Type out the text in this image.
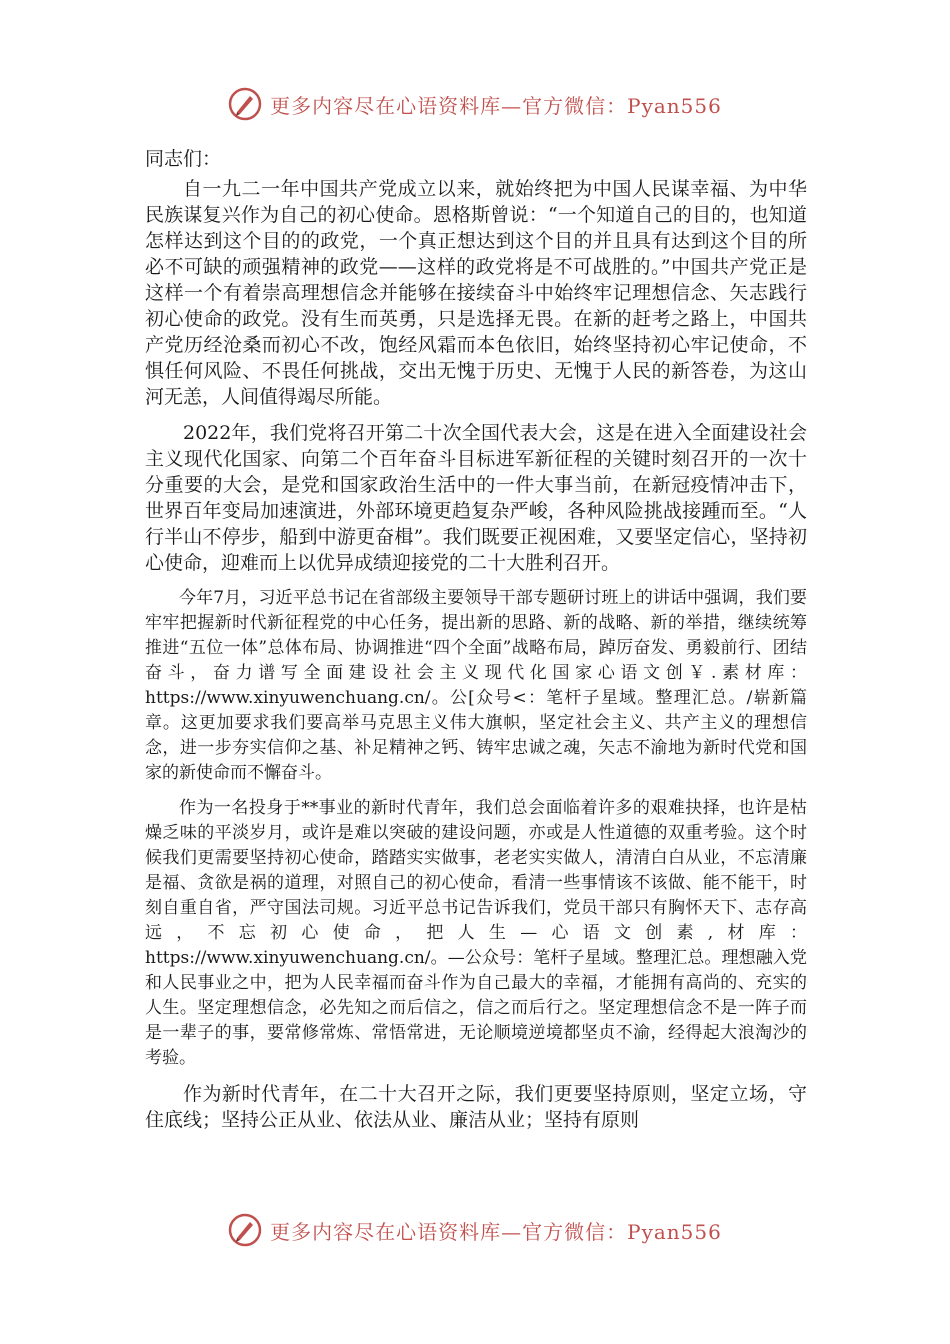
更多内容尽在心语资料库—官方微信：Pyan556
同志们：

自一九二一年中国共产党成立以来，就始终把为中国人民谋幸福、为中华民族谋复兴作为自己的初心使命。恩格斯曾说：“一个知道自己的目的，也知道怎样达到这个目的的政党，一个真正想达到这个目的并且具有达到这个目的所必不可缺的顽强精神的政党——这样的政党将是不可战胜的。”中国共产党正是这样一个有着崇高理想信念并能够在接续奋斗中始终牢记理想信念、矢志践行初心使命的政党。没有生而英勇，只是选择无畏。在新的赶考之路上，中国共产党历经沧桑而初心不改，饱经风霜而本色依旧，始终坚持初心牢记使命，不惧任何风险、不畏任何挑战，交出无愧于历史、无愧于人民的新答卷，为这山河无恙，人间值得竭尽所能。

2022年，我们党将召开第二十次全国代表大会，这是在进入全面建设社会主义现代化国家、向第二个百年奋斗目标进军新征程的关键时刻召开的一次十分重要的大会，是党和国家政治生活中的一件大事当前，在新冠疫情冲击下，世界百年变局加速演进，外部环境更趋复杂严峻，各种风险挑战接踵而至。“人行半山不停步，船到中游更奋楫”。我们既要正视困难，又要坚定信心，坚持初心使命，迎难而上以优异成绩迎接党的二十大胜利召开。

今年7月，习近平总书记在省部级主要领导干部专题研讨班上的讲话中强调，我们要牢牢把握新时代新征程党的中心任务，提出新的思路、新的战略、新的举措，继续统筹推进“五位一体”总体布局、协调推进“四个全面”战略布局，踔厉奋发、勇毅前行、团结奋斗，奋力谱写全面建设社会主义现代化国家心语文创￥.素材库：https://www.xinyuwenchuang.cn/。公[众号<：笔杆子星域。整理汇总。/崭新篇章。这更加要求我们要高举马克思主义伟大旗帜，坚定社会主义、共产主义的理想信念，进一步夯实信仰之基、补足精神之钙、铸牢忠诚之魂，矢志不渝地为新时代党和国家的新使命而不懈奋斗。

作为一名投身于**事业的新时代青年，我们总会面临着许多的艰难抉择，也许是枯燥乏味的平淡岁月，或许是难以突破的建设问题，亦或是人性道德的双重考验。这个时候我们更需要坚持初心使命，踏踏实实做事，老老实实做人，清清白白从业，不忘清廉是福、贪欲是祸的道理，对照自己的初心使命，看清一些事情该不该做、能不能干，时刻自重自省，严守国法司规。习近平总书记告诉我们，党员干部只有胸怀天下、志存高远，不忘初心使命，把人生—心语文创素,材库：https://www.xinyuwenchuang.cn/。—公众号：笔杆子星域。整理汇总。理想融入党和人民事业之中，把为人民幸福而奋斗作为自己最大的幸福，才能拥有高尚的、充实的人生。坚定理想信念，必先知之而后信之，信之而后行之。坚定理想信念不是一阵子而是一辈子的事，要常修常炼、常悟常进，无论顺境逆境都坚贞不渝，经得起大浪淘沙的考验。

作为新时代青年，在二十大召开之际，我们更要坚持原则，坚定立场，守住底线；坚持公正从业、依法从业、廉洁从业；坚持有原则

更多内容尽在心语资料库—官方微信：Pyan556
